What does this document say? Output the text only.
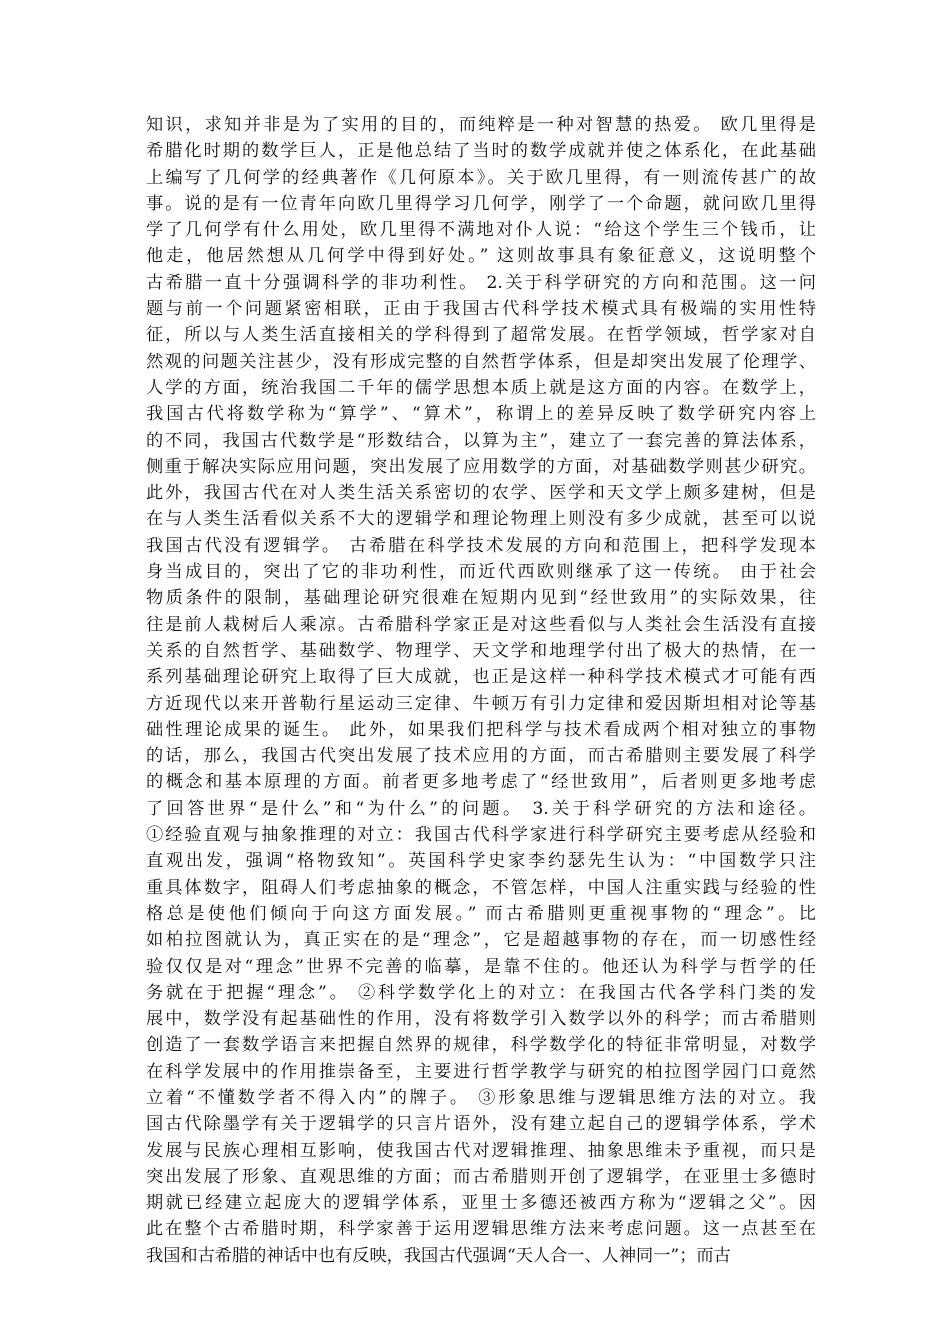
知识，求知并非是为了实用的目的，而纯粹是一种对智慧的热爱。 欧几里得是
希腊化时期的数学巨人，正是他总结了当时的数学成就并使之体系化，在此基础
上编写了几何学的经典著作《几何原本》。关于欧几里得，有一则流传甚广的故
事。说的是有一位青年向欧几里得学习几何学，刚学了一个命题，就问欧几里得
学了几何学有什么用处，欧几里得不满地对仆人说：“给这个学生三个钱币，让
他走，他居然想从几何学中得到好处。” 这则故事具有象征意义，这说明整个
古希腊一直十分强调科学的非功利性。 2.关于科学研究的方向和范围。这一问
题与前一个问题紧密相联，正由于我国古代科学技术模式具有极端的实用性特
征，所以与人类生活直接相关的学科得到了超常发展。在哲学领域，哲学家对自
然观的问题关注甚少，没有形成完整的自然哲学体系，但是却突出发展了伦理学、
人学的方面，统治我国二千年的儒学思想本质上就是这方面的内容。在数学上，
我国古代将数学称为“算学”、“算术”，称谓上的差异反映了数学研究内容上
的不同，我国古代数学是“形数结合，以算为主”，建立了一套完善的算法体系，
侧重于解决实际应用问题，突出发展了应用数学的方面，对基础数学则甚少研究。
此外，我国古代在对人类生活关系密切的农学、医学和天文学上颇多建树，但是
在与人类生活看似关系不大的逻辑学和理论物理上则没有多少成就，甚至可以说
我国古代没有逻辑学。 古希腊在科学技术发展的方向和范围上，把科学发现本
身当成目的，突出了它的非功利性，而近代西欧则继承了这一传统。 由于社会
物质条件的限制，基础理论研究很难在短期内见到“经世致用”的实际效果，往
往是前人栽树后人乘凉。古希腊科学家正是对这些看似与人类社会生活没有直接
关系的自然哲学、基础数学、物理学、天文学和地理学付出了极大的热情，在一
系列基础理论研究上取得了巨大成就，也正是这样一种科学技术模式才可能有西
方近现代以来开普勒行星运动三定律、牛顿万有引力定律和爱因斯坦相对论等基
础性理论成果的诞生。 此外，如果我们把科学与技术看成两个相对独立的事物
的话，那么，我国古代突出发展了技术应用的方面，而古希腊则主要发展了科学
的概念和基本原理的方面。前者更多地考虑了“经世致用”，后者则更多地考虑
了回答世界“是什么”和“为什么”的问题。 3.关于科学研究的方法和途径。
①经验直观与抽象推理的对立：我国古代科学家进行科学研究主要考虑从经验和
直观出发，强调“格物致知”。英国科学史家李约瑟先生认为：“中国数学只注
重具体数字，阻碍人们考虑抽象的概念，不管怎样，中国人注重实践与经验的性
格总是使他们倾向于向这方面发展。” 而古希腊则更重视事物的“理念”。比
如柏拉图就认为，真正实在的是“理念”，它是超越事物的存在，而一切感性经
验仅仅是对“理念”世界不完善的临摹，是靠不住的。他还认为科学与哲学的任
务就在于把握“理念”。 ②科学数学化上的对立：在我国古代各学科门类的发
展中，数学没有起基础性的作用，没有将数学引入数学以外的科学；而古希腊则
创造了一套数学语言来把握自然界的规律，科学数学化的特征非常明显，对数学
在科学发展中的作用推崇备至，主要进行哲学教学与研究的柏拉图学园门口竟然
立着“不懂数学者不得入内”的牌子。 ③形象思维与逻辑思维方法的对立。我
国古代除墨学有关于逻辑学的只言片语外，没有建立起自己的逻辑学体系，学术
发展与民族心理相互影响，使我国古代对逻辑推理、抽象思维未予重视，而只是
突出发展了形象、直观思维的方面；而古希腊则开创了逻辑学，在亚里士多德时
期就已经建立起庞大的逻辑学体系，亚里士多德还被西方称为“逻辑之父”。因
此在整个古希腊时期，科学家善于运用逻辑思维方法来考虑问题。这一点甚至在
我国和古希腊的神话中也有反映，我国古代强调“天人合一、人神同一”；而古
